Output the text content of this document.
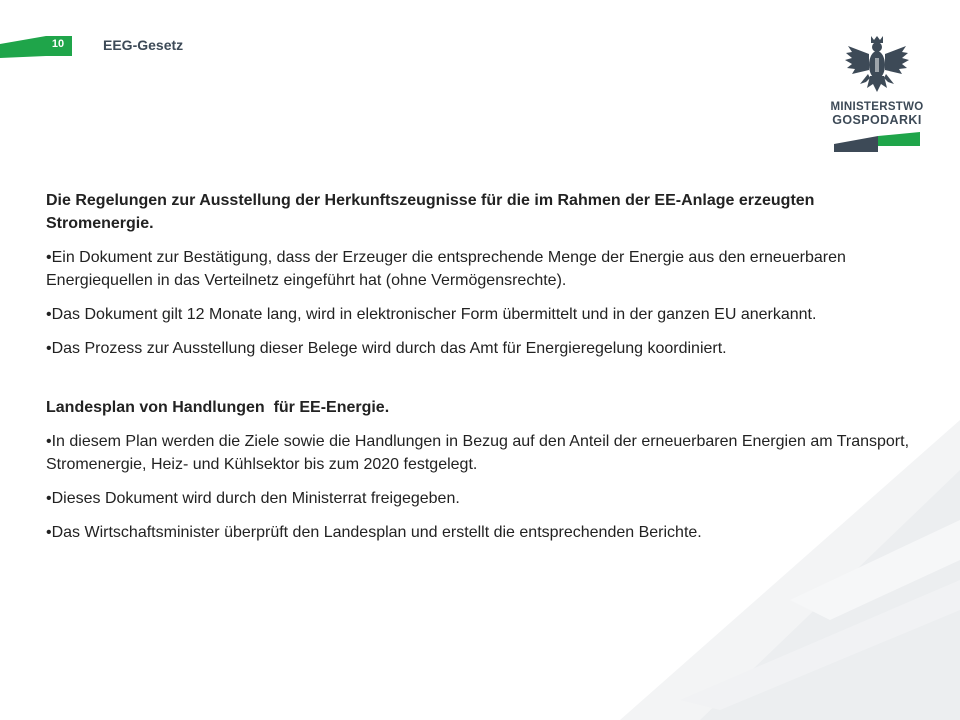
10	EEG-Gesetz
MINISTERSTWO
GOSPODARKI

Die Regelungen zur Ausstellung der Herkunftszeugnisse für die im Rahmen der EE-Anlage erzeugten Stromenergie.

•Ein Dokument zur Bestätigung, dass der Erzeuger die entsprechende Menge der Energie aus den erneuerbaren Energiequellen in das Verteilnetz eingeführt hat (ohne Vermögensrechte).

•Das Dokument gilt 12 Monate lang, wird in elektronischer Form übermittelt und in der ganzen EU anerkannt.

•Das Prozess zur Ausstellung dieser Belege wird durch das Amt für Energieregelung koordiniert.

Landesplan von Handlungen  für EE-Energie.

•In diesem Plan werden die Ziele sowie die Handlungen in Bezug auf den Anteil der erneuerbaren Energien am Transport, Stromenergie, Heiz- und Kühlsektor bis zum 2020 festgelegt.

•Dieses Dokument wird durch den Ministerrat freigegeben.

•Das Wirtschaftsminister überprüft den Landesplan und erstellt die entsprechenden Berichte.
